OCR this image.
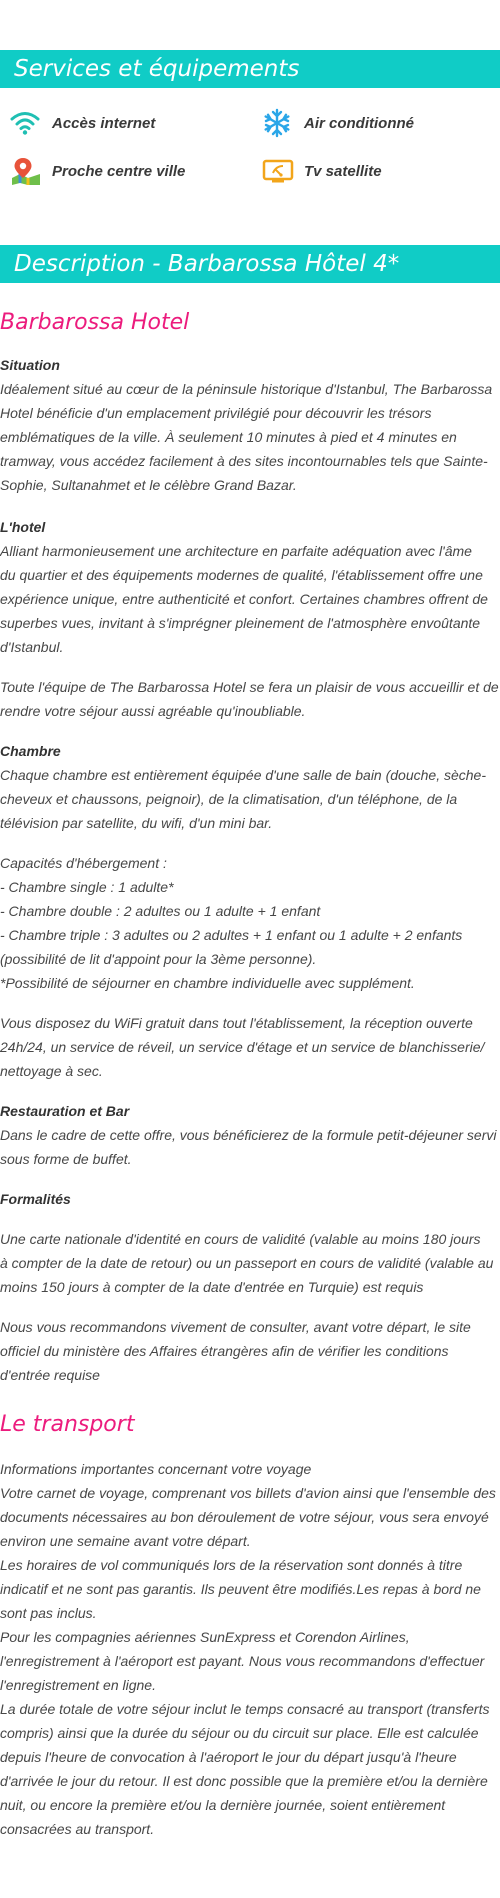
Services et équipements
Accès internet	Air conditionné
Proche centre ville	Tv satellite
Description - Barbarossa Hôtel 4*
Barbarossa Hotel
Situation
Idéalement situé au cœur de la péninsule historique d'Istanbul, The Barbarossa
Hotel bénéficie d'un emplacement privilégié pour découvrir les trésors
emblématiques de la ville. À seulement 10 minutes à pied et 4 minutes en
tramway, vous accédez facilement à des sites incontournables tels que Sainte-
Sophie, Sultanahmet et le célèbre Grand Bazar.
L'hotel
Alliant harmonieusement une architecture en parfaite adéquation avec l'âme
du quartier et des équipements modernes de qualité, l'établissement offre une
expérience unique, entre authenticité et confort. Certaines chambres offrent de
superbes vues, invitant à s'imprégner pleinement de l'atmosphère envoûtante
d'Istanbul.
Toute l'équipe de The Barbarossa Hotel se fera un plaisir de vous accueillir et de
rendre votre séjour aussi agréable qu'inoubliable.
Chambre
Chaque chambre est entièrement équipée d'une salle de bain (douche, sèche-
cheveux et chaussons, peignoir), de la climatisation, d'un téléphone, de la
télévision par satellite, du wifi, d'un mini bar.
Capacités d'hébergement :
- Chambre single : 1 adulte*
- Chambre double : 2 adultes ou 1 adulte + 1 enfant
- Chambre triple : 3 adultes ou 2 adultes + 1 enfant ou 1 adulte + 2 enfants
(possibilité de lit d'appoint pour la 3ème personne).
*Possibilité de séjourner en chambre individuelle avec supplément.
Vous disposez du WiFi gratuit dans tout l'établissement, la réception ouverte
24h/24, un service de réveil, un service d'étage et un service de blanchisserie/
nettoyage à sec.
Restauration et Bar
Dans le cadre de cette offre, vous bénéficierez de la formule petit-déjeuner servi
sous forme de buffet.
Formalités
Une carte nationale d'identité en cours de validité (valable au moins 180 jours
à compter de la date de retour) ou un passeport en cours de validité (valable au
moins 150 jours à compter de la date d'entrée en Turquie) est requis
Nous vous recommandons vivement de consulter, avant votre départ, le site
officiel du ministère des Affaires étrangères afin de vérifier les conditions
d'entrée requise
Le transport
Informations importantes concernant votre voyage
Votre carnet de voyage, comprenant vos billets d'avion ainsi que l'ensemble des
documents nécessaires au bon déroulement de votre séjour, vous sera envoyé
environ une semaine avant votre départ.
Les horaires de vol communiqués lors de la réservation sont donnés à titre
indicatif et ne sont pas garantis. Ils peuvent être modifiés.Les repas à bord ne
sont pas inclus.
Pour les compagnies aériennes SunExpress et Corendon Airlines,
l'enregistrement à l'aéroport est payant. Nous vous recommandons d'effectuer
l'enregistrement en ligne.
La durée totale de votre séjour inclut le temps consacré au transport (transferts
compris) ainsi que la durée du séjour ou du circuit sur place. Elle est calculée
depuis l'heure de convocation à l'aéroport le jour du départ jusqu'à l'heure
d'arrivée le jour du retour. Il est donc possible que la première et/ou la dernière
nuit, ou encore la première et/ou la dernière journée, soient entièrement
consacrées au transport.
